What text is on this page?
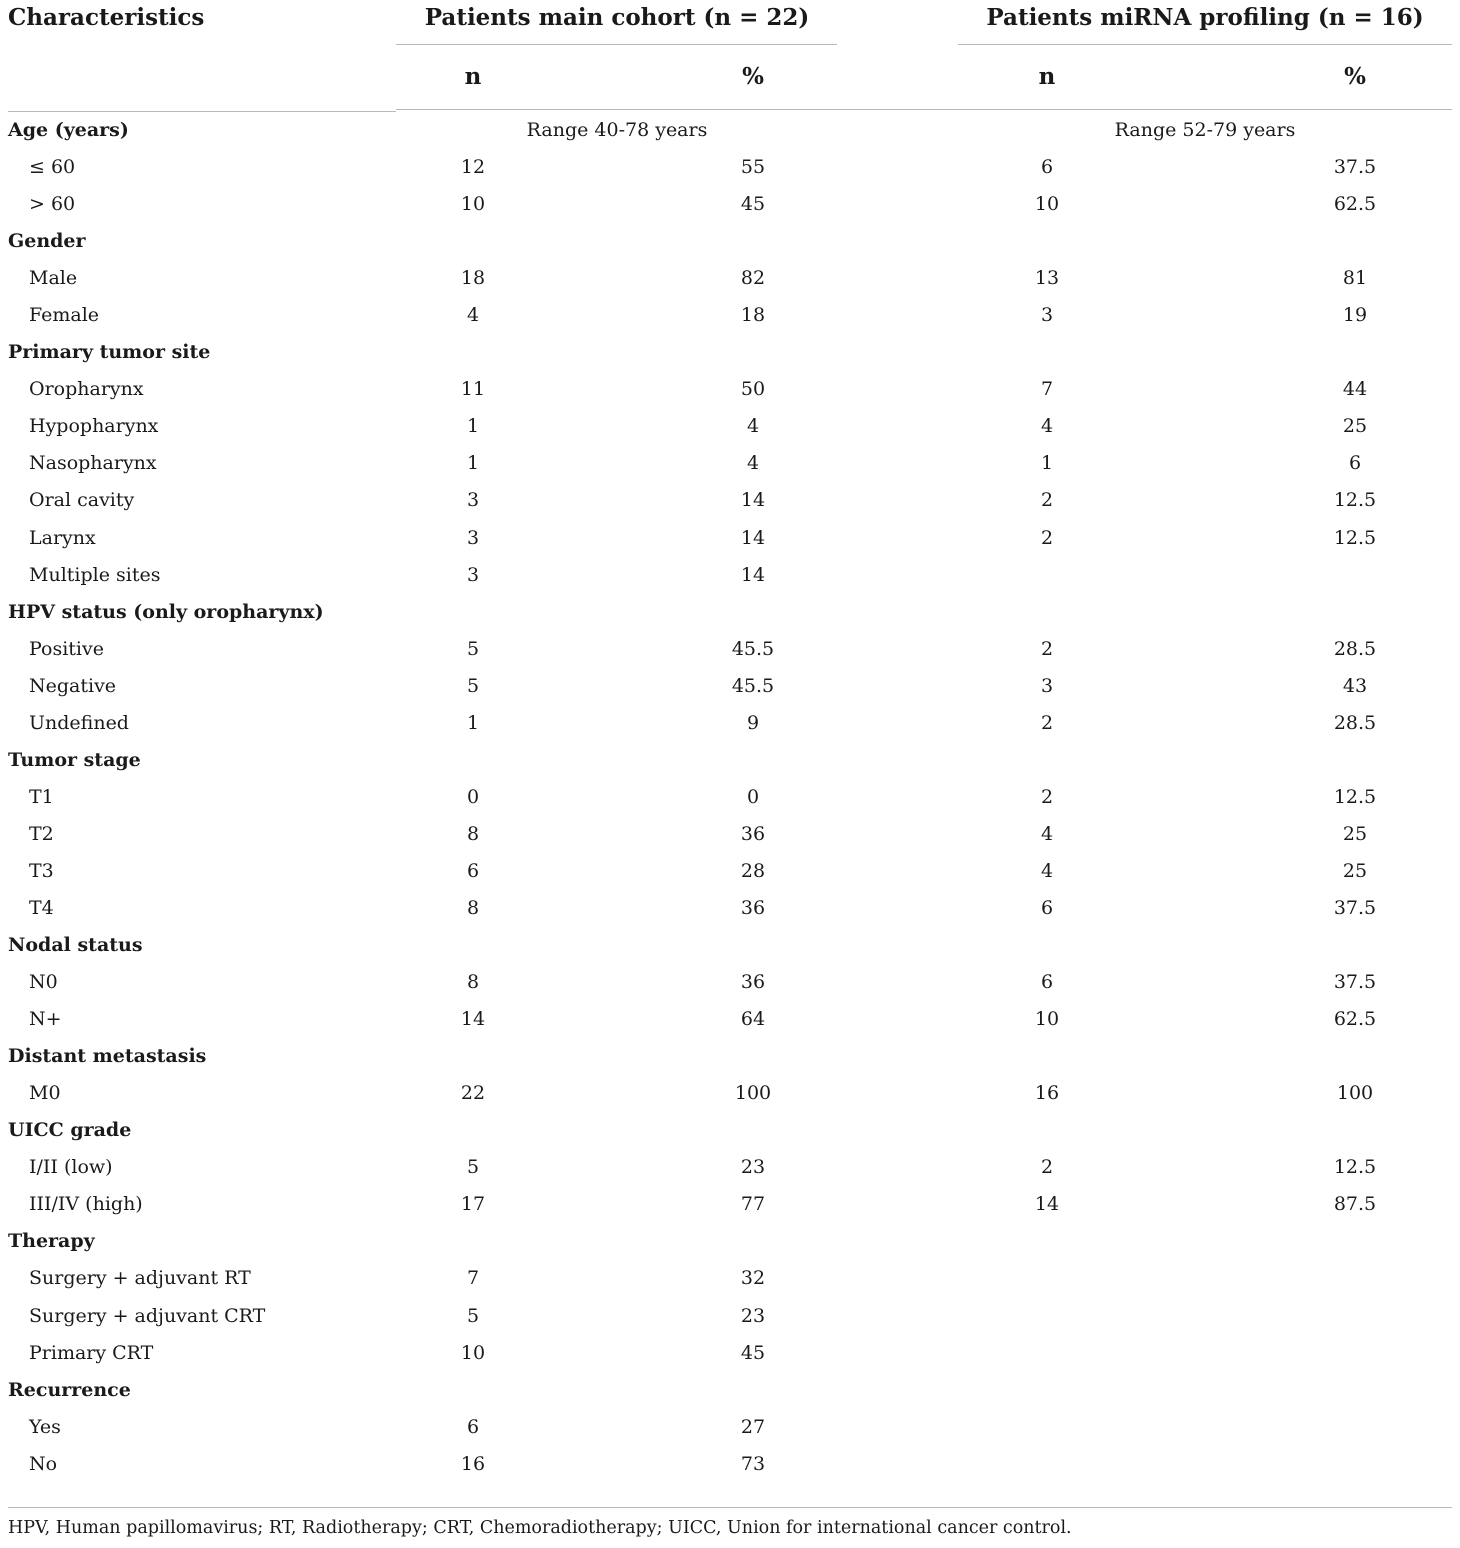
Characteristics	Patients main cohort (n = 22)	Patients miRNA profiling (n = 16)
n	%	n	%
Age (years)	Range 40-78 years	Range 52-79 years
≤ 60	12	55	6	37.5
> 60	10	45	10	62.5
Gender
Male	18	82	13	81
Female	4	18	3	19
Primary tumor site
Oropharynx	11	50	7	44
Hypopharynx	1	4	4	25
Nasopharynx	1	4	1	6
Oral cavity	3	14	2	12.5
Larynx	3	14	2	12.5
Multiple sites	3	14
HPV status (only oropharynx)
Positive	5	45.5	2	28.5
Negative	5	45.5	3	43
Undefined	1	9	2	28.5
Tumor stage
T1	0	0	2	12.5
T2	8	36	4	25
T3	6	28	4	25
T4	8	36	6	37.5
Nodal status
N0	8	36	6	37.5
N+	14	64	10	62.5
Distant metastasis
M0	22	100	16	100
UICC grade
I/II (low)	5	23	2	12.5
III/IV (high)	17	77	14	87.5
Therapy
Surgery + adjuvant RT	7	32
Surgery + adjuvant CRT	5	23
Primary CRT	10	45
Recurrence
Yes	6	27
No	16	73
HPV, Human papillomavirus; RT, Radiotherapy; CRT, Chemoradiotherapy; UICC, Union for international cancer control.
